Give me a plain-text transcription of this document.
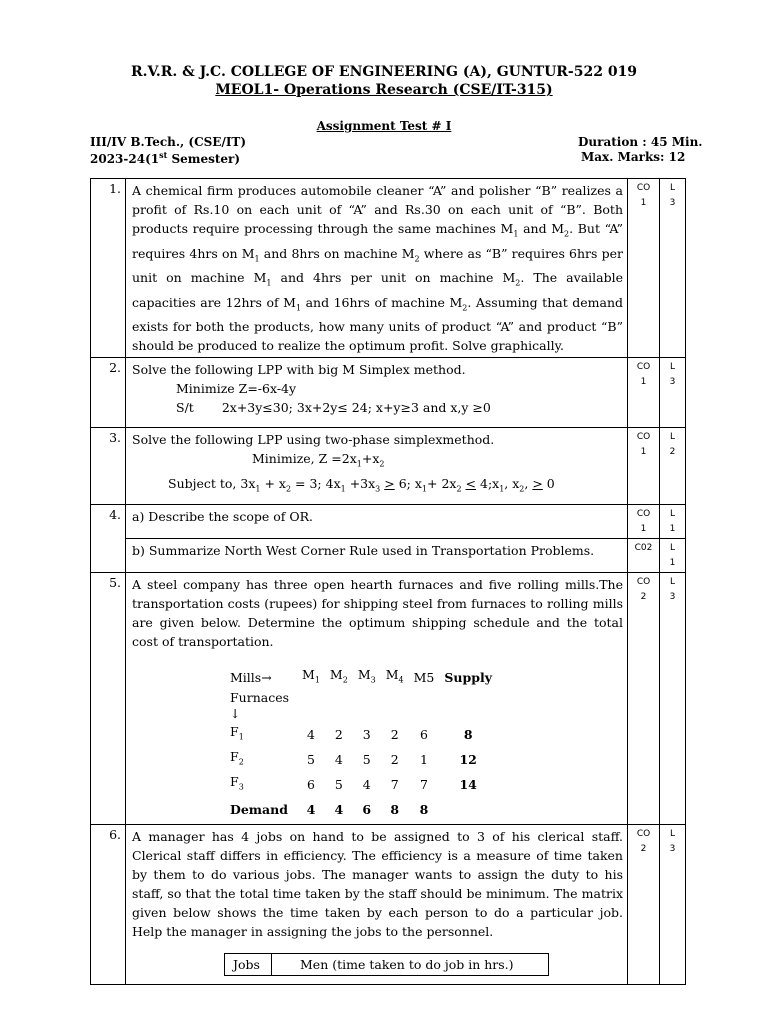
R.V.R. & J.C. COLLEGE OF ENGINEERING (A), GUNTUR-522 019
MEOL1- Operations Research (CSE/IT-315)
Assignment Test # I
III/IV B.Tech., (CSE/IT)
2023-24(1st Semester)
Duration : 45 Min.
Max. Marks: 12
1.	A chemical firm produces automobile cleaner “A” and polisher “B” realizes a profit of Rs.10 on each unit of “A” and Rs.30 on each unit of “B”. Both products require processing through the same machines $M_1$ and $M_2$. But “A” requires 4hrs on $M_1$ and 8hrs on machine $M_2$ where as “B” requires 6hrs per unit on machine $M_1$ and 4hrs per unit on machine $M_2$. The available capacities are 12hrs of $M_1$ and 16hrs of machine $M_2$. Assuming that demand exists for both the products, how many units of product “A” and product “B” should be produced to realize the optimum profit. Solve graphically.	CO
1	L
3
2.	Solve the following LPP with big M Simplex method.
Minimize Z=-6x-4y
S/t 2x+3y≤30; 3x+2y≤ 24; x+y≥3 and x,y ≥0
	CO
1	L
3
3.	Solve the following LPP using two-phase simplexmethod.
Minimize, $Z =2x_1+x_2$
Subject to, $3x_1 + x_2 = 3$; $4x_1 +3x_3 > 6$; $x_1+ 2x_2$ < $4;x_1$, $x_2$, > 0
	CO
1	L
2
4.	a) Describe the scope of OR.	CO
1	L
1
b) Summarize North West Corner Rule used in Transportation Problems.	C02	L
1
5.	A steel company has three open hearth furnaces and five rolling mills.The transportation costs (rupees) for shipping steel from furnaces to rolling mills are given below. Determine the optimum shipping schedule and the total cost of transportation.
Mills→	$M_1$	$M_2$	$M_3$	$M_4$	M5	Supply
Furnaces
↓						
$F_1$	4	2	3	2	6	8
$F_2$	5	4	5	2	1	12
$F_3$	6	5	4	7	7	14
Demand	4	4	6	8	8	
	CO
2	L
3
6.	A manager has 4 jobs on hand to be assigned to 3 of his clerical staff. Clerical staff differs in efficiency. The efficiency is a measure of time taken by them to do various jobs. The manager wants to assign the duty to his staff, so that the total time taken by the staff should be minimum. The matrix given below shows the time taken by each person to do a particular job. Help the manager in assigning the jobs to the personnel.
Jobs	Men (time taken to do job in hrs.)
	CO
2	L
3
